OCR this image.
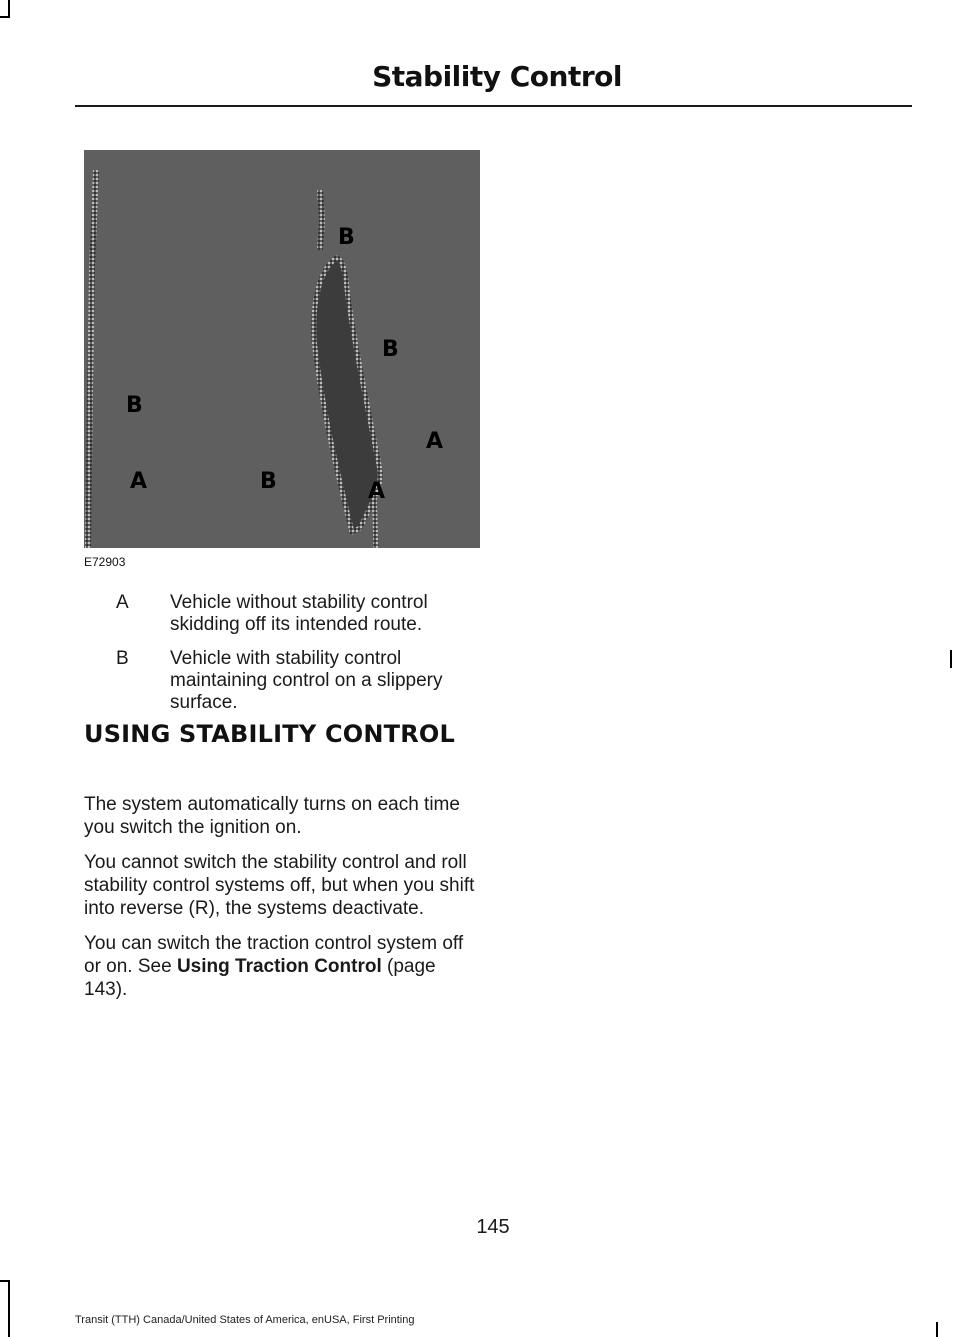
Stability Control
B
B
B
A
A	B	A
E72903
A	Vehicle without stability control skidding off its intended route.
B	Vehicle with stability control maintaining control on a slippery surface.
USING STABILITY CONTROL

The system automatically turns on each time you switch the ignition on.

You cannot switch the stability control and roll stability control systems off, but when you shift into reverse (R), the systems deactivate.

You can switch the traction control system off or on. See Using Traction Control (page 143).

145
Transit (TTH) Canada/United States of America, enUSA, First Printing
